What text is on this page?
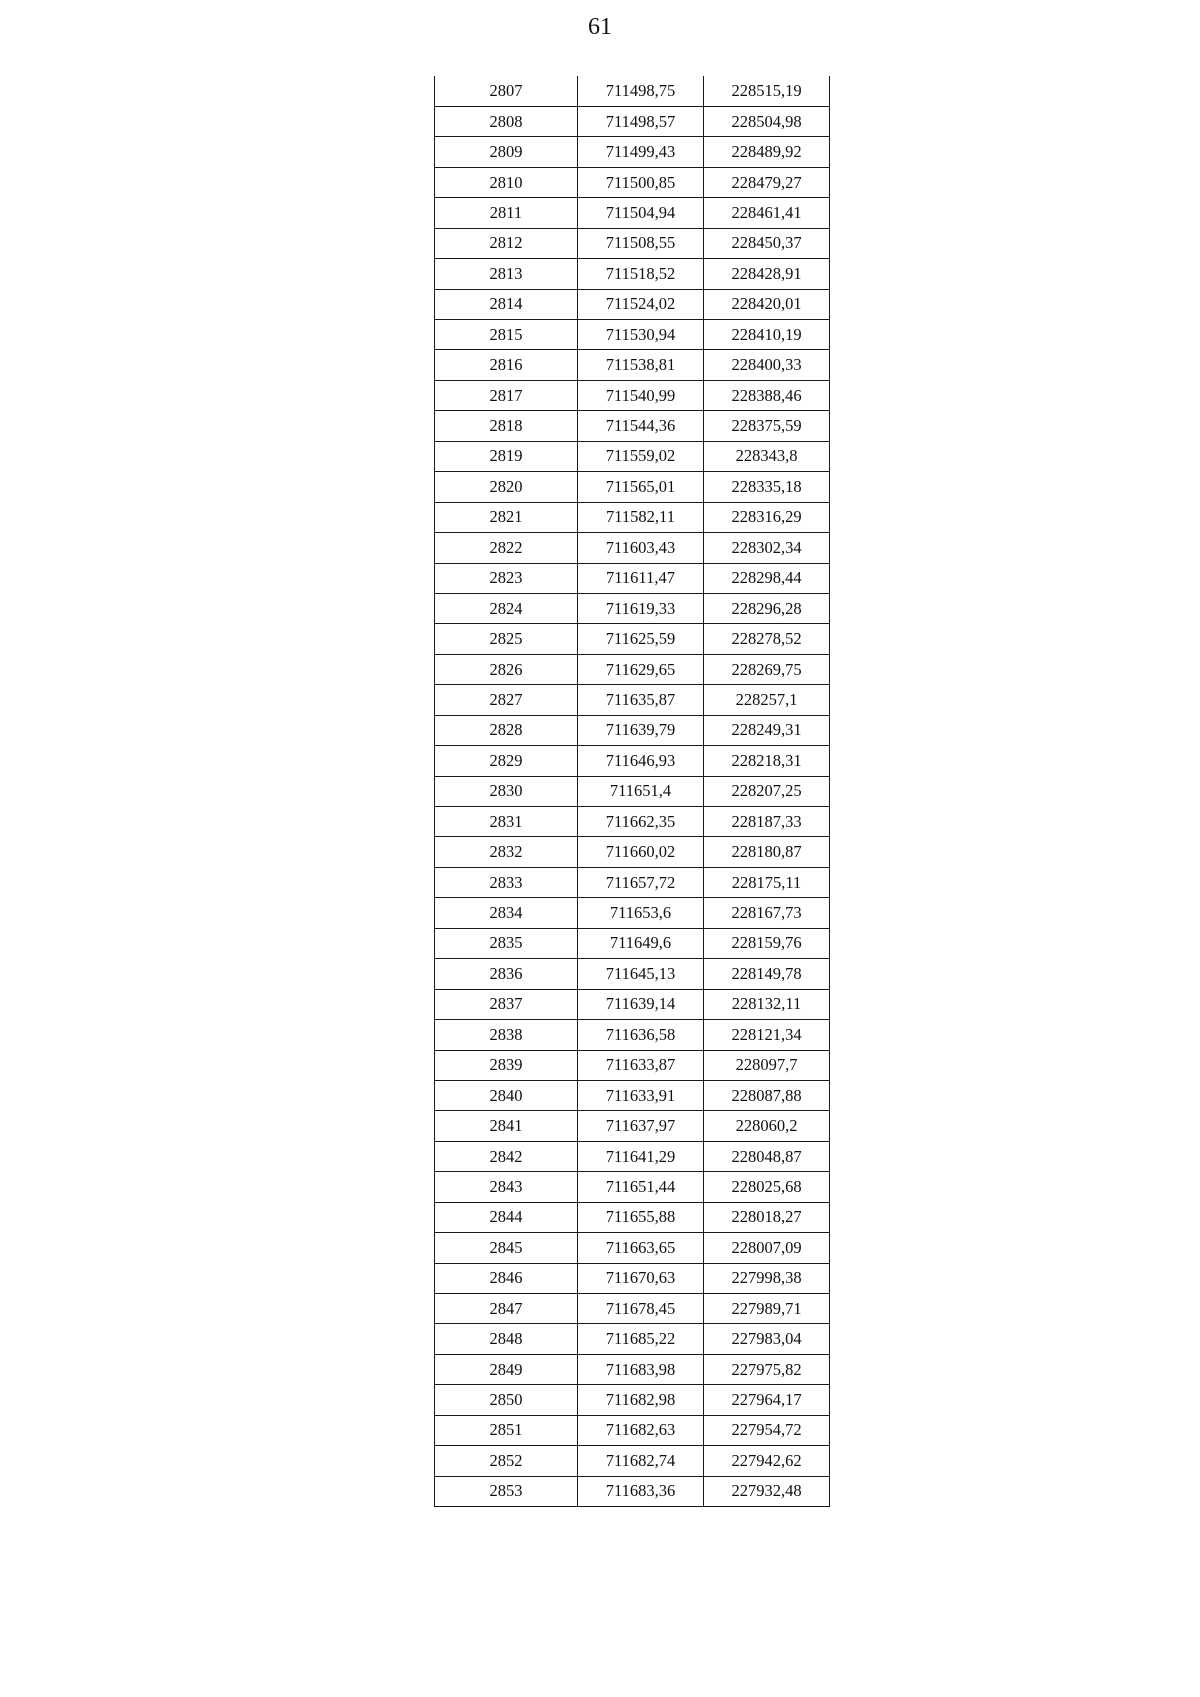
61
2807	711498,75	228515,19
2808	711498,57	228504,98
2809	711499,43	228489,92
2810	711500,85	228479,27
2811	711504,94	228461,41
2812	711508,55	228450,37
2813	711518,52	228428,91
2814	711524,02	228420,01
2815	711530,94	228410,19
2816	711538,81	228400,33
2817	711540,99	228388,46
2818	711544,36	228375,59
2819	711559,02	228343,8
2820	711565,01	228335,18
2821	711582,11	228316,29
2822	711603,43	228302,34
2823	711611,47	228298,44
2824	711619,33	228296,28
2825	711625,59	228278,52
2826	711629,65	228269,75
2827	711635,87	228257,1
2828	711639,79	228249,31
2829	711646,93	228218,31
2830	711651,4	228207,25
2831	711662,35	228187,33
2832	711660,02	228180,87
2833	711657,72	228175,11
2834	711653,6	228167,73
2835	711649,6	228159,76
2836	711645,13	228149,78
2837	711639,14	228132,11
2838	711636,58	228121,34
2839	711633,87	228097,7
2840	711633,91	228087,88
2841	711637,97	228060,2
2842	711641,29	228048,87
2843	711651,44	228025,68
2844	711655,88	228018,27
2845	711663,65	228007,09
2846	711670,63	227998,38
2847	711678,45	227989,71
2848	711685,22	227983,04
2849	711683,98	227975,82
2850	711682,98	227964,17
2851	711682,63	227954,72
2852	711682,74	227942,62
2853	711683,36	227932,48
